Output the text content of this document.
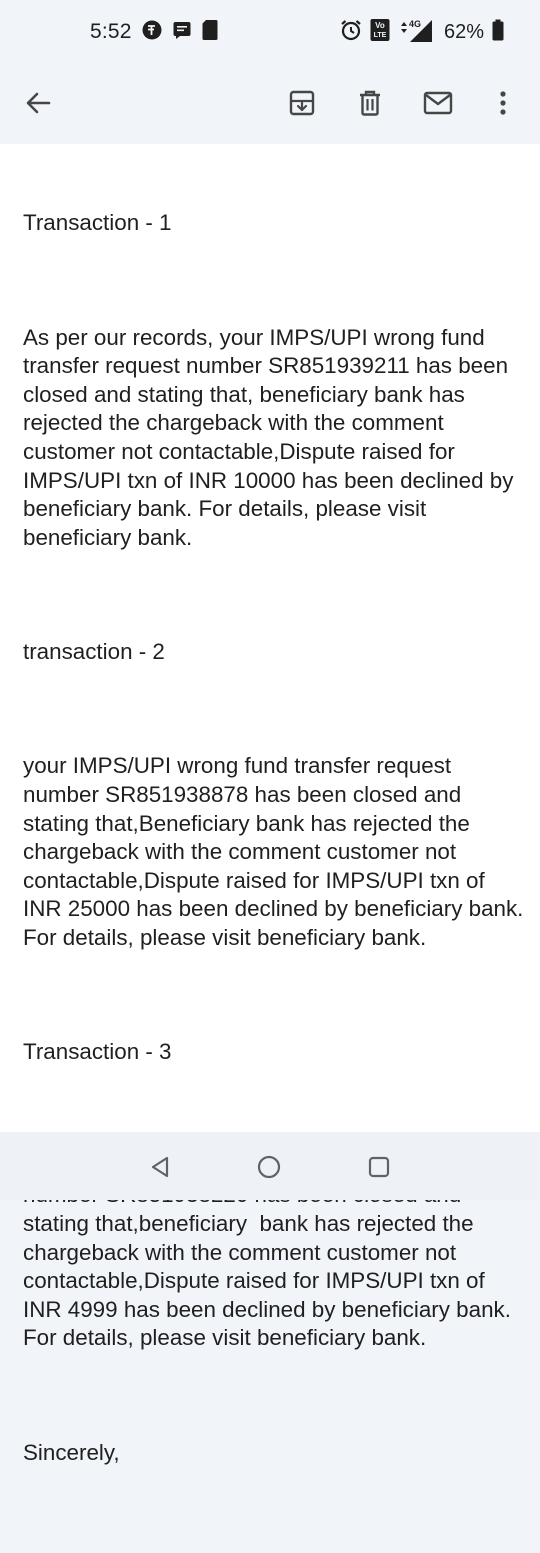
5:52	Vo
LTE
4G 62%

Transaction - 1

As per our records, your IMPS/UPI wrong fund transfer request number SR851939211 has been closed and stating that, beneficiary bank has rejected the chargeback with the comment customer not contactable,Dispute raised for IMPS/UPI txn of INR 10000 has been declined by beneficiary bank. For details, please visit beneficiary bank.

transaction - 2

your IMPS/UPI wrong fund transfer request number SR851938878 has been closed and stating that,Beneficiary bank has rejected the chargeback with the comment customer not contactable,Dispute raised for IMPS/UPI txn of INR 25000 has been declined by beneficiary bank. For details, please visit beneficiary bank.

Transaction - 3

stating that,beneficiary  bank has rejected the chargeback with the comment customer not contactable,Dispute raised for IMPS/UPI txn of INR 4999 has been declined by beneficiary bank. For details, please visit beneficiary bank.

Sincerely,
